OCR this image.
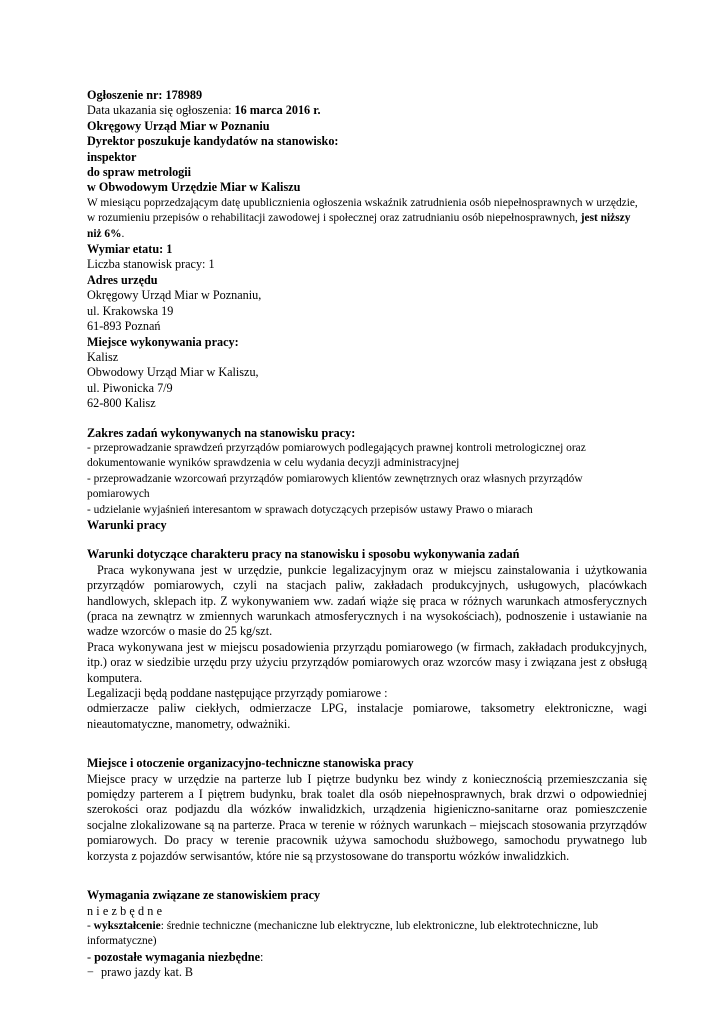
Ogłoszenie nr: 178989
Data ukazania się ogłoszenia: 16 marca 2016 r.
Okręgowy Urząd Miar w Poznaniu
Dyrektor poszukuje kandydatów na stanowisko:
inspektor
do spraw metrologii
w Obwodowym Urzędzie Miar w Kaliszu

W miesiącu poprzedzającym datę upublicznienia ogłoszenia wskaźnik zatrudnienia osób niepełnosprawnych w urzędzie, w rozumieniu przepisów o rehabilitacji zawodowej i społecznej oraz zatrudnianiu osób niepełnosprawnych, jest niższy niż 6%.

Wymiar etatu: 1
Liczba stanowisk pracy: 1
Adres urzędu
Okręgowy Urząd Miar w Poznaniu,
ul. Krakowska 19
61-893 Poznań
Miejsce wykonywania pracy:
Kalisz
Obwodowy Urząd Miar w Kaliszu,
ul. Piwonicka 7/9
62-800 Kalisz
Zakres zadań wykonywanych na stanowisku pracy:

- przeprowadzanie sprawdzeń przyrządów pomiarowych podlegających prawnej kontroli metrologicznej oraz dokumentowanie wyników sprawdzenia w celu wydania decyzji administracyjnej

- przeprowadzanie wzorcowań przyrządów pomiarowych klientów zewnętrznych oraz własnych przyrządów pomiarowych

- udzielanie wyjaśnień interesantom w sprawach dotyczących przepisów ustawy Prawo o miarach

Warunki pracy
Warunki dotyczące charakteru pracy na stanowisku i sposobu wykonywania zadań

Praca wykonywana jest w urzędzie, punkcie legalizacyjnym oraz w miejscu zainstalowania i użytkowania przyrządów pomiarowych, czyli na stacjach paliw, zakładach produkcyjnych, usługowych, placówkach handlowych, sklepach itp. Z wykonywaniem ww. zadań wiąże się praca w różnych warunkach atmosferycznych (praca na zewnątrz w zmiennych warunkach atmosferycznych i na wysokościach), podnoszenie i ustawianie na wadze wzorców o masie do 25 kg/szt.

Praca wykonywana jest w miejscu posadowienia przyrządu pomiarowego (w firmach, zakładach produkcyjnych, itp.) oraz w siedzibie urzędu przy użyciu przyrządów pomiarowych oraz wzorców masy i związana jest z obsługą komputera.

Legalizacji będą poddane następujące przyrządy pomiarowe :

odmierzacze paliw ciekłych, odmierzacze LPG, instalacje pomiarowe, taksometry elektroniczne, wagi nieautomatyczne, manometry, odważniki.

Miejsce i otoczenie organizacyjno-techniczne stanowiska pracy

Miejsce pracy w urzędzie na parterze lub I piętrze budynku bez windy z koniecznością przemieszczania się pomiędzy parterem a I piętrem budynku, brak toalet dla osób niepełnosprawnych, brak drzwi o odpowiedniej szerokości oraz podjazdu dla wózków inwalidzkich, urządzenia higieniczno-sanitarne oraz pomieszczenie socjalne zlokalizowane są na parterze. Praca w terenie w różnych warunkach – miejscach stosowania przyrządów pomiarowych. Do pracy w terenie pracownik używa samochodu służbowego, samochodu prywatnego lub korzysta z pojazdów serwisantów, które nie są przystosowane do transportu wózków inwalidzkich.

Wymagania związane ze stanowiskiem pracy
niezbędne

- wykształcenie: średnie techniczne (mechaniczne lub elektryczne, lub elektroniczne, lub elektrotechniczne, lub informatyczne)

- pozostałe wymagania niezbędne:
− prawo jazdy kat. B
